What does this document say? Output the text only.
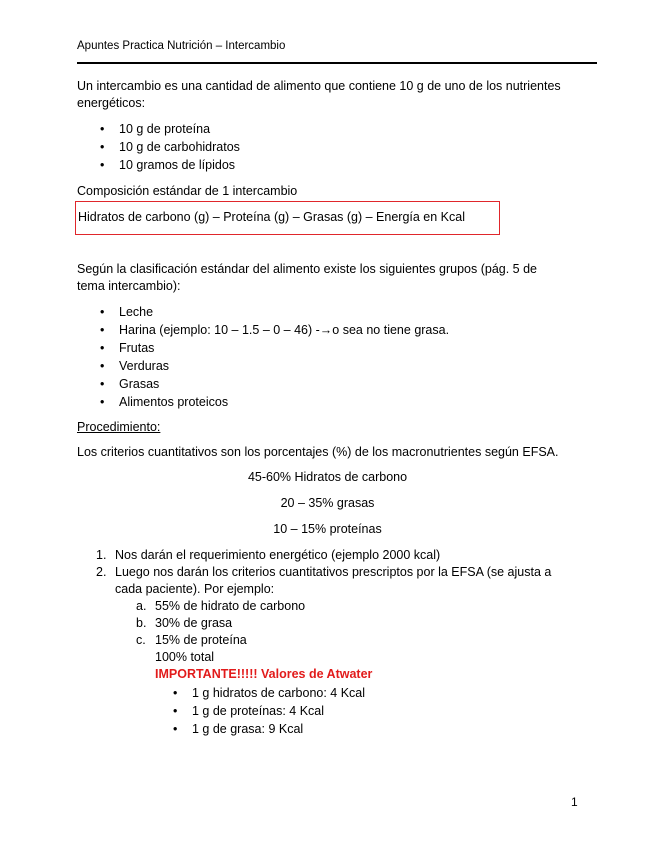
Apuntes Practica Nutrición – Intercambio
Un intercambio es una cantidad de alimento que contiene 10 g de uno de los nutrientes
energéticos:
• 10 g de proteína
• 10 g de carbohidratos
• 10 gramos de lípidos
Composición estándar de 1 intercambio
Hidratos de carbono (g) – Proteína (g) – Grasas (g) – Energía en Kcal
Según la clasificación estándar del alimento existe los siguientes grupos (pág. 5 de
tema intercambio):
• Leche
• Harina (ejemplo: 10 – 1.5 – 0 – 46) -→o sea no tiene grasa.
• Frutas
• Verduras
• Grasas
• Alimentos proteicos
Procedimiento:
Los criterios cuantitativos son los porcentajes (%) de los macronutrientes según EFSA.
45-60% Hidratos de carbono
20 – 35% grasas
10 – 15% proteínas
1. Nos darán el requerimiento energético (ejemplo 2000 kcal)
2. Luego nos darán los criterios cuantitativos prescriptos por la EFSA (se ajusta a
cada paciente). Por ejemplo:
a. 55% de hidrato de carbono
b. 30% de grasa
c. 15% de proteína
100% total
IMPORTANTE!!!!! Valores de Atwater
• 1 g hidratos de carbono: 4 Kcal
• 1 g de proteínas: 4 Kcal
• 1 g de grasa: 9 Kcal
1
